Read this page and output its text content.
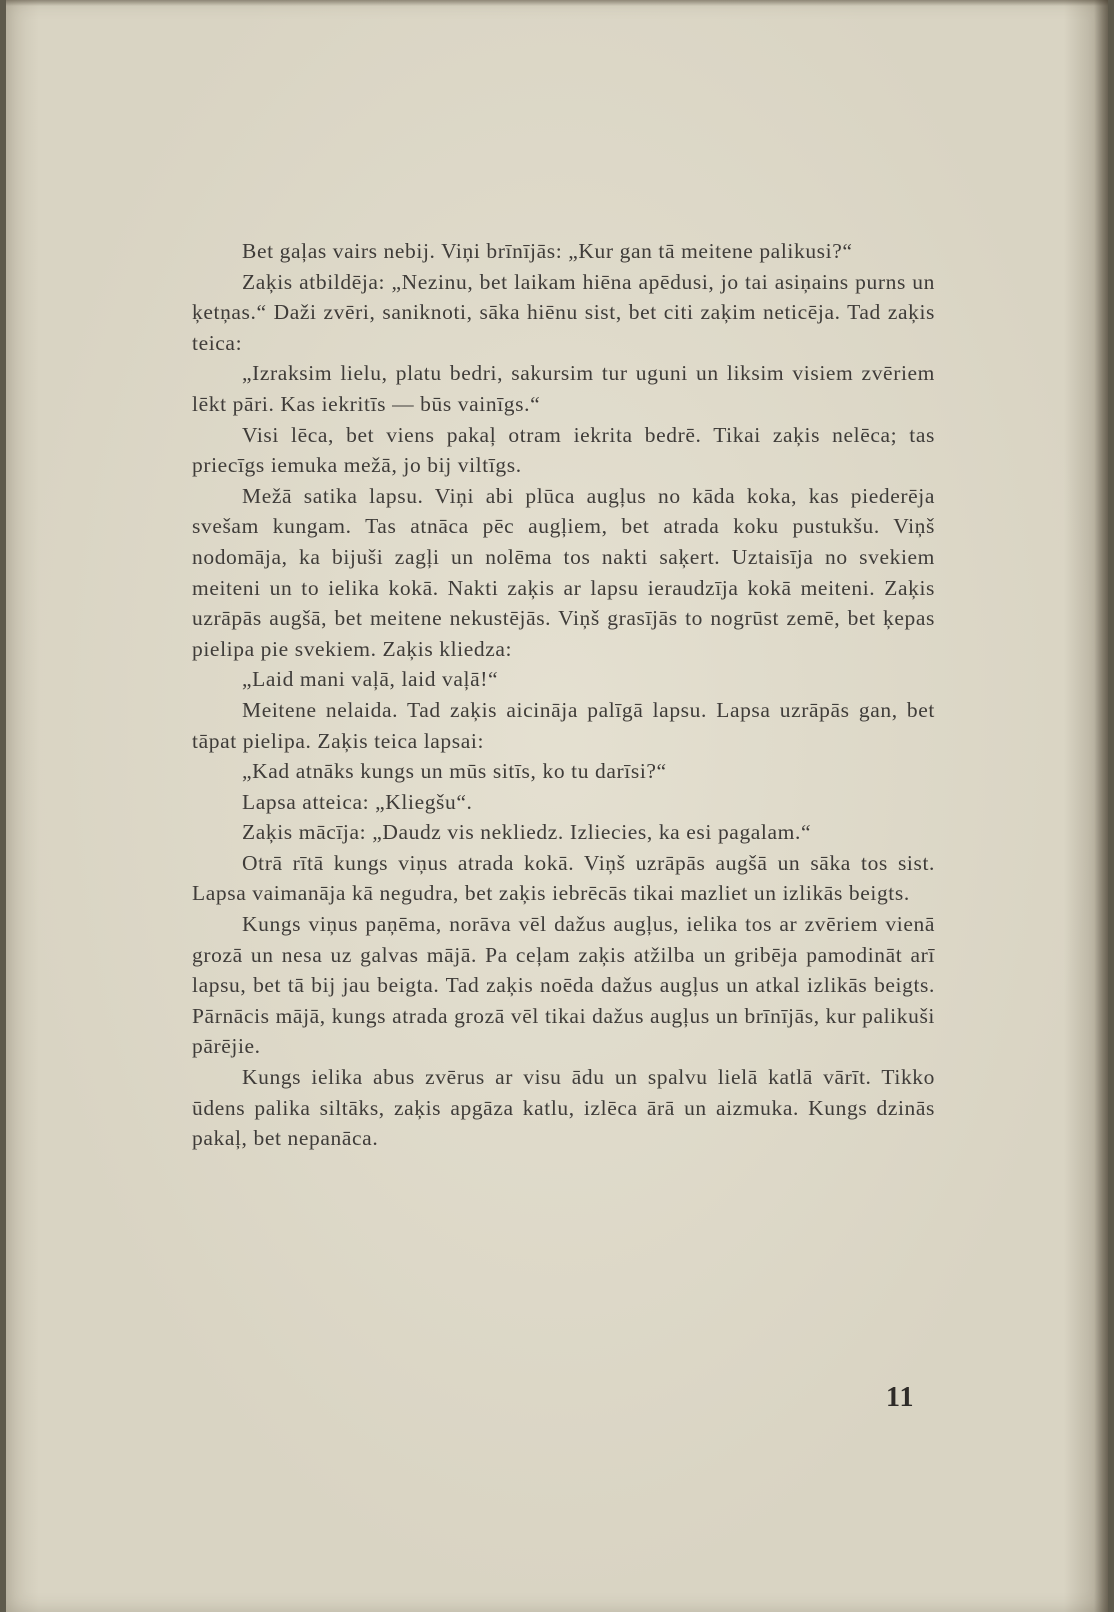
Bet gaļas vairs nebij. Viņi brīnījās: „Kur gan tā meitene palikusi?“

Zaķis atbildēja: „Nezinu, bet laikam hiēna apēdusi, jo tai asiņains purns un ķetņas.“ Daži zvēri, saniknoti, sāka hiēnu sist, bet citi zaķim neticēja. Tad zaķis teica:

„Izraksim lielu, platu bedri, sakursim tur uguni un liksim visiem zvēriem lēkt pāri. Kas iekritīs — būs vainīgs.“

Visi lēca, bet viens pakaļ otram iekrita bedrē. Tikai zaķis nelēca; tas priecīgs iemuka mežā, jo bij viltīgs.

Mežā satika lapsu. Viņi abi plūca augļus no kāda koka, kas piederēja svešam kungam. Tas atnāca pēc augļiem, bet atrada koku pustukšu. Viņš nodomāja, ka bijuši zagļi un nolēma tos nakti saķert. Uztaisīja no svekiem meiteni un to ielika kokā. Nakti zaķis ar lapsu ieraudzīja kokā meiteni. Zaķis uzrāpās augšā, bet meitene nekustējās. Viņš grasījās to nogrūst zemē, bet ķepas pielipa pie svekiem. Zaķis kliedza:

„Laid mani vaļā, laid vaļā!“

Meitene nelaida. Tad zaķis aicināja palīgā lapsu. Lapsa uzrāpās gan, bet tāpat pielipa. Zaķis teica lapsai:

„Kad atnāks kungs un mūs sitīs, ko tu darīsi?“

Lapsa atteica: „Kliegšu“.

Zaķis mācīja: „Daudz vis nekliedz. Izliecies, ka esi pagalam.“

Otrā rītā kungs viņus atrada kokā. Viņš uzrāpās augšā un sāka tos sist. Lapsa vaimanāja kā negudra, bet zaķis iebrēcās tikai mazliet un izlikās beigts.

Kungs viņus paņēma, norāva vēl dažus augļus, ielika tos ar zvēriem vienā grozā un nesa uz galvas mājā. Pa ceļam zaķis atžilba un gribēja pamodināt arī lapsu, bet tā bij jau beigta. Tad zaķis noēda dažus augļus un atkal izlikās beigts. Pārnācis mājā, kungs atrada grozā vēl tikai dažus augļus un brīnījās, kur palikuši pārējie.

Kungs ielika abus zvērus ar visu ādu un spalvu lielā katlā vārīt. Tikko ūdens palika siltāks, zaķis apgāza katlu, izlēca ārā un aizmuka. Kungs dzinās pakaļ, bet nepanāca.

11
